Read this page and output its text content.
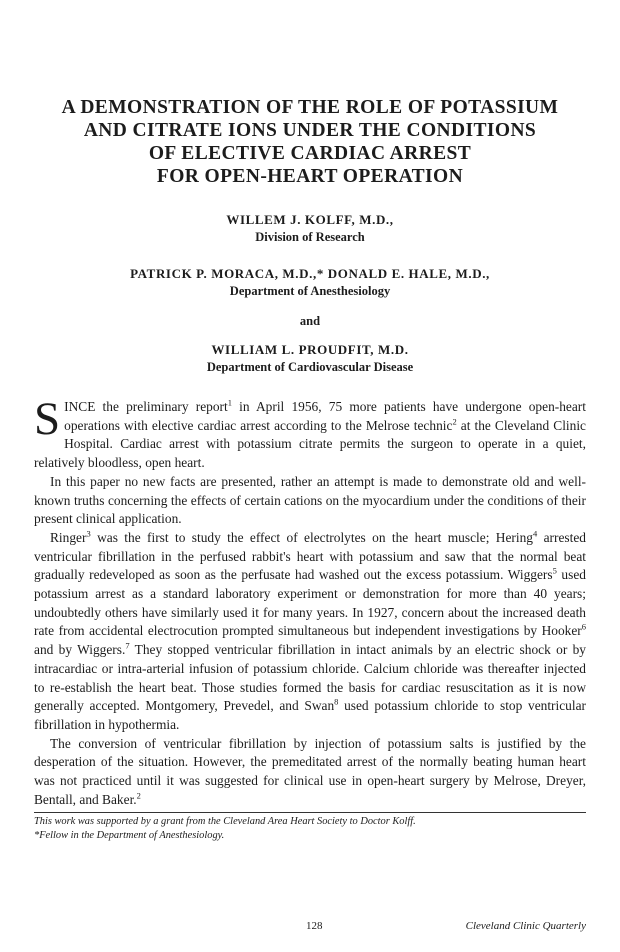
A DEMONSTRATION OF THE ROLE OF POTASSIUM
AND CITRATE IONS UNDER THE CONDITIONS
OF ELECTIVE CARDIAC ARREST
FOR OPEN-HEART OPERATION
WILLEM J. KOLFF, M.D.,
Division of Research
PATRICK P. MORACA, M.D.,* DONALD E. HALE, M.D.,
Department of Anesthesiology
and
WILLIAM L. PROUDFIT, M.D.
Department of Cardiovascular Disease

SINCE the preliminary report$^1$ in April 1956, 75 more patients have undergone open-heart operations with elective cardiac arrest according to the Melrose technic$^2$ at the Cleveland Clinic Hospital. Cardiac arrest with potassium citrate permits the surgeon to operate in a quiet, relatively bloodless, open heart.

In this paper no new facts are presented, rather an attempt is made to demonstrate old and well-known truths concerning the effects of certain cations on the myocardium under the conditions of their present clinical application.

Ringer$^3$ was the first to study the effect of electrolytes on the heart muscle; Hering$^4$ arrested ventricular fibrillation in the perfused rabbit's heart with potassium and saw that the normal beat gradually redeveloped as soon as the perfusate had washed out the excess potassium. Wiggers$^5$ used potassium arrest as a standard laboratory experiment or demonstration for more than 40 years; undoubtedly others have similarly used it for many years. In 1927, concern about the increased death rate from accidental electrocution prompted simultaneous but independent investigations by Hooker$^6$ and by Wiggers.$^7$ They stopped ventricular fibrillation in intact animals by an electric shock or by intracardiac or intra-arterial infusion of potassium chloride. Calcium chloride was thereafter injected to re-establish the heart beat. Those studies formed the basis for cardiac resuscitation as it is now generally accepted. Montgomery, Prevedel, and Swan$^8$ used potassium chloride to stop ventricular fibrillation in hypothermia.

The conversion of ventricular fibrillation by injection of potassium salts is justified by the desperation of the situation. However, the premeditated arrest of the normally beating human heart was not practiced until it was suggested for clinical use in open-heart surgery by Melrose, Dreyer, Bentall, and Baker.$^2$

This work was supported by a grant from the Cleveland Area Heart Society to Doctor Kolff.
*Fellow in the Department of Anesthesiology.
128	Cleveland Clinic Quarterly
